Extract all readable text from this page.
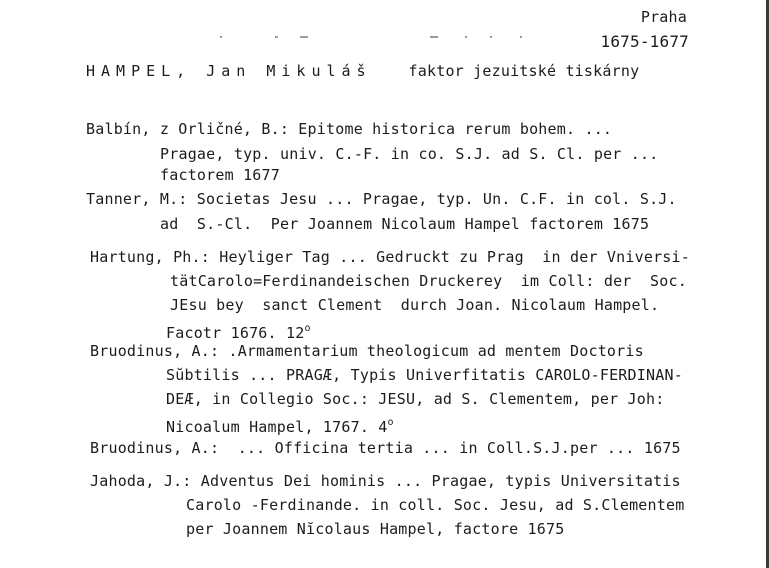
Praha
1675-1677
HAMPEL, Jan Mikuláš faktor jezuitské tiskárny
Balbín, z Orličné, B.: Epitome historica rerum bohem. ...
Pragae, typ. univ. C.-F. in co. S.J. ad S. Cl. per ...
factorem 1677
Tanner, M.: Societas Jesu ... Pragae, typ. Un. C.F. in col. S.J.
ad  S.-Cl.  Per Joannem Nicolaum Hampel factorem 1675
Hartung, Ph.: Heyliger Tag ... Gedruckt zu Prag  in der Vniversi-
tätCarolo=Ferdinandeischen Druckerey  im Coll: der  Soc.
JEsu bey  sanct Clement  durch Joan. Nicolaum Hampel.
Facotr 1676. 12$^o$
Bruodinus, A.: .Armamentarium theologicum ad mentem Doctoris
Sŭbtilis ... PRAGÆ, Typis Univerfitatis CAROLO-FERDINAN-
DEÆ, in Collegio Soc.: JESU, ad S. Clementem, per Joh:
Nicoalum Hampel, 1767. 4$^o$
Bruodinus, A.:  ... Officina tertia ... in Coll.S.J.per ... 1675
Jahoda, J.: Adventus Dei hominis ... Pragae, typis Universitatis
Carolo -Ferdinande. in coll. Soc. Jesu, ad S.Clementem
per Joannem Nĭcolaus Hampel, factore 1675
